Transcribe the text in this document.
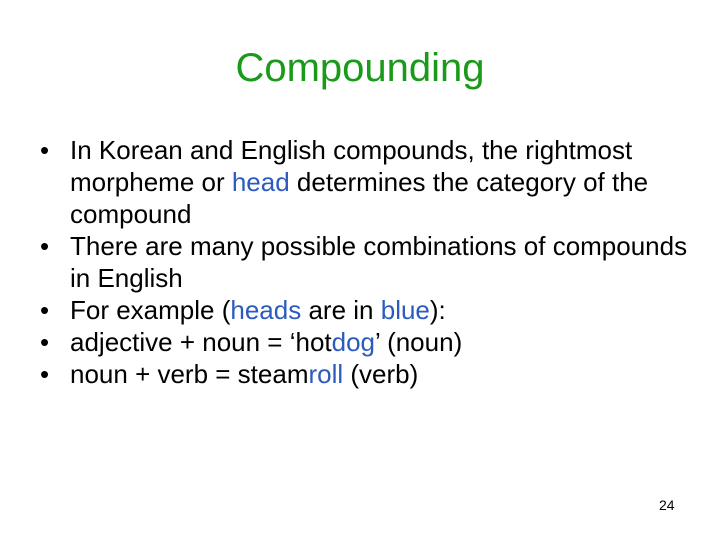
Compounding
• In Korean and English compounds, the rightmost morpheme or head determines the category of the compound
• There are many possible combinations of compounds in English
• For example (heads are in blue):
• adjective + noun = ‘hotdog’ (noun)
• noun + verb = steamroll (verb)
24
